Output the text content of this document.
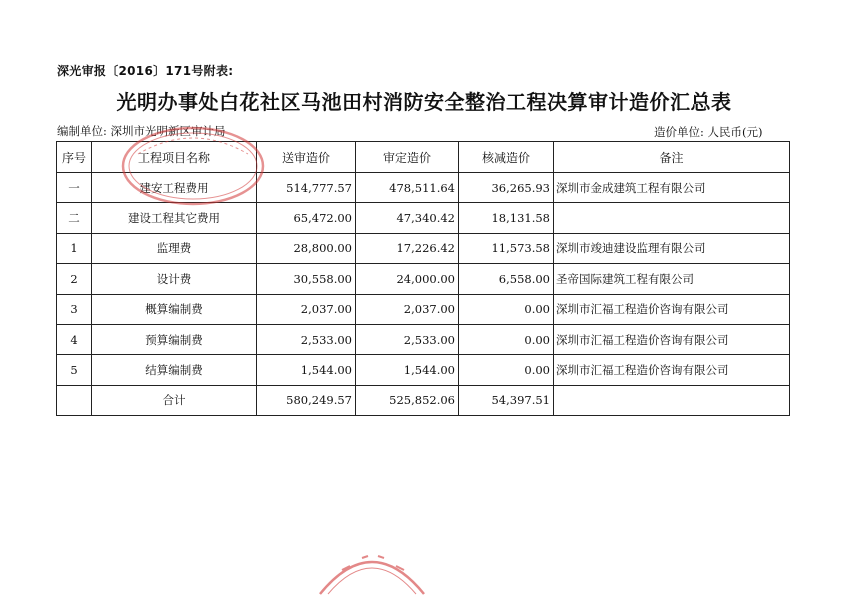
深光审报〔2016〕171号附表:
光明办事处白花社区马池田村消防安全整治工程决算审计造价汇总表
编制单位: 深圳市光明新区审计局	造价单位: 人民币(元)
序号	工程项目名称	送审造价	审定造价	核减造价	备注
一	建安工程费用	514,777.57	478,511.64	36,265.93	深圳市金成建筑工程有限公司
二	建设工程其它费用	65,472.00	47,340.42	18,131.58	
1	监理费	28,800.00	17,226.42	11,573.58	深圳市竣迪建设监理有限公司
2	设计费	30,558.00	24,000.00	6,558.00	圣帝国际建筑工程有限公司
3	概算编制费	2,037.00	2,037.00	0.00	深圳市汇福工程造价咨询有限公司
4	预算编制费	2,533.00	2,533.00	0.00	深圳市汇福工程造价咨询有限公司
5	结算编制费	1,544.00	1,544.00	0.00	深圳市汇福工程造价咨询有限公司
	合计	580,249.57	525,852.06	54,397.51	
